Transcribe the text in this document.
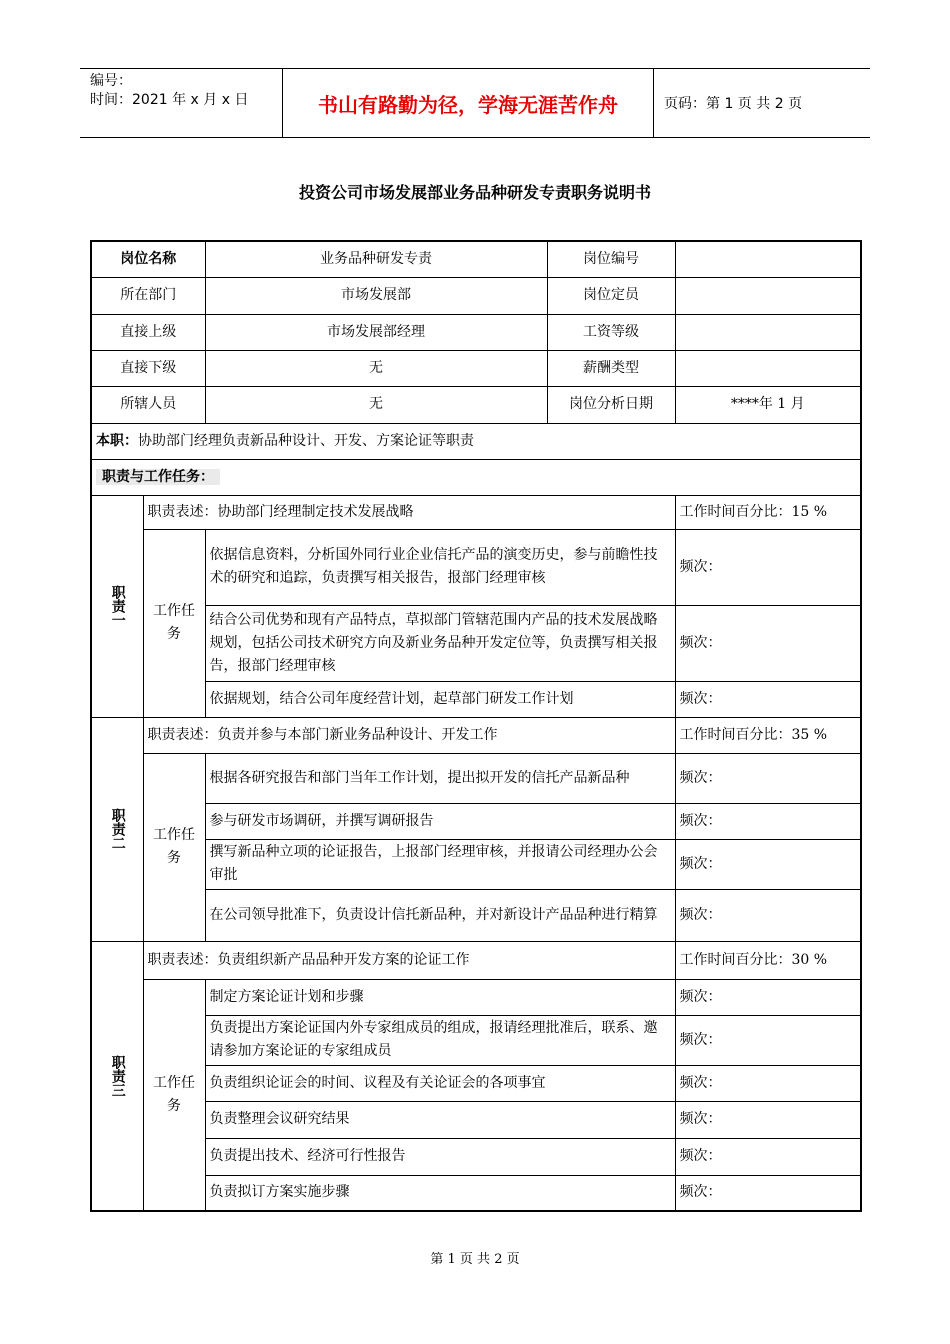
编号：
时间：2021 年 x 月 x 日	书山有路勤为径，学海无涯苦作舟	页码：第 1 页 共 2 页
投资公司市场发展部业务品种研发专责职务说明书
岗位名称		业务品种研发专责	岗位编号	
所在部门		市场发展部	岗位定员	
直接上级		市场发展部经理	工资等级	
直接下级		无	薪酬类型	
所辖人员		无	岗位分析日期	****年 1 月
本职：协助部门经理负责新品种设计、开发、方案论证等职责				
职责与工作任务：				
职责一	职责表述：协助部门经理制定技术发展战略			工作时间百分比：15 %
	工作任务	依据信息资料，分析国外同行业企业信托产品的演变历史，参与前瞻性技术的研究和追踪，负责撰写相关报告，报部门经理审核		频次：
		结合公司优势和现有产品特点，草拟部门管辖范围内产品的技术发展战略规划，包括公司技术研究方向及新业务品种开发定位等，负责撰写相关报告，报部门经理审核		频次：
		依据规划，结合公司年度经营计划，起草部门研发工作计划		频次：
职责二	职责表述：负责并参与本部门新业务品种设计、开发工作			工作时间百分比：35 %
	工作任务	根据各研究报告和部门当年工作计划，提出拟开发的信托产品新品种		频次：
		参与研发市场调研，并撰写调研报告		频次：
		撰写新品种立项的论证报告，上报部门经理审核，并报请公司经理办公会审批		频次：
		在公司领导批准下，负责设计信托新品种，并对新设计产品品种进行精算		频次：
职责三	职责表述：负责组织新产品品种开发方案的论证工作			工作时间百分比：30 %
	工作任务	制定方案论证计划和步骤		频次：
		负责提出方案论证国内外专家组成员的组成，报请经理批准后，联系、邀请参加方案论证的专家组成员		频次：
		负责组织论证会的时间、议程及有关论证会的各项事宜		频次：
		负责整理会议研究结果		频次：
		负责提出技术、经济可行性报告		频次：
		负责拟订方案实施步骤		频次：
第 1 页 共 2 页
